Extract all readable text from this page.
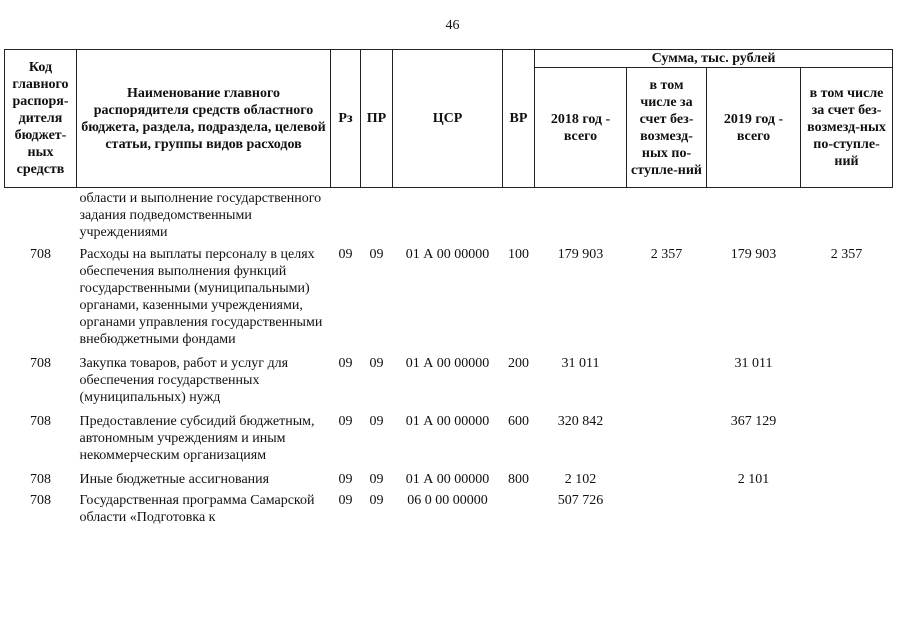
46
Код главного распоря-дителя бюджет-ных средств	Наименование главного распорядителя средств областного бюджета, раздела, подраздела, целевой статьи, группы видов расходов	Рз	ПР	ЦСР	ВР	Сумма, тыс. рублей			
						2018 год - всего	в том числе за счет без-возмезд-ных по-ступле-ний	2019 год - всего	в том числе за счет без-возмезд-ных по-ступле-ний
	области и выполнение государственного задания подведомственными учреждениями								
708	Расходы на выплаты персоналу в целях обеспечения выполнения функций государственными (муниципальными) органами, казенными учреждениями, органами управления государственными внебюджетными фондами	09	09	01 А 00 00000	100	179 903	2 357	179 903	2 357
708	Закупка товаров, работ и услуг для обеспечения государственных (муниципальных) нужд	09	09	01 А 00 00000	200	31 011		31 011	
708	Предоставление субсидий бюджетным, автономным учреждениям и иным некоммерческим организациям	09	09	01 А 00 00000	600	320 842		367 129	
708	Иные бюджетные ассигнования	09	09	01 А 00 00000	800	2 102		2 101	
708	Государственная программа Самарской области «Подготовка к	09	09	06 0 00 00000		507 726			
